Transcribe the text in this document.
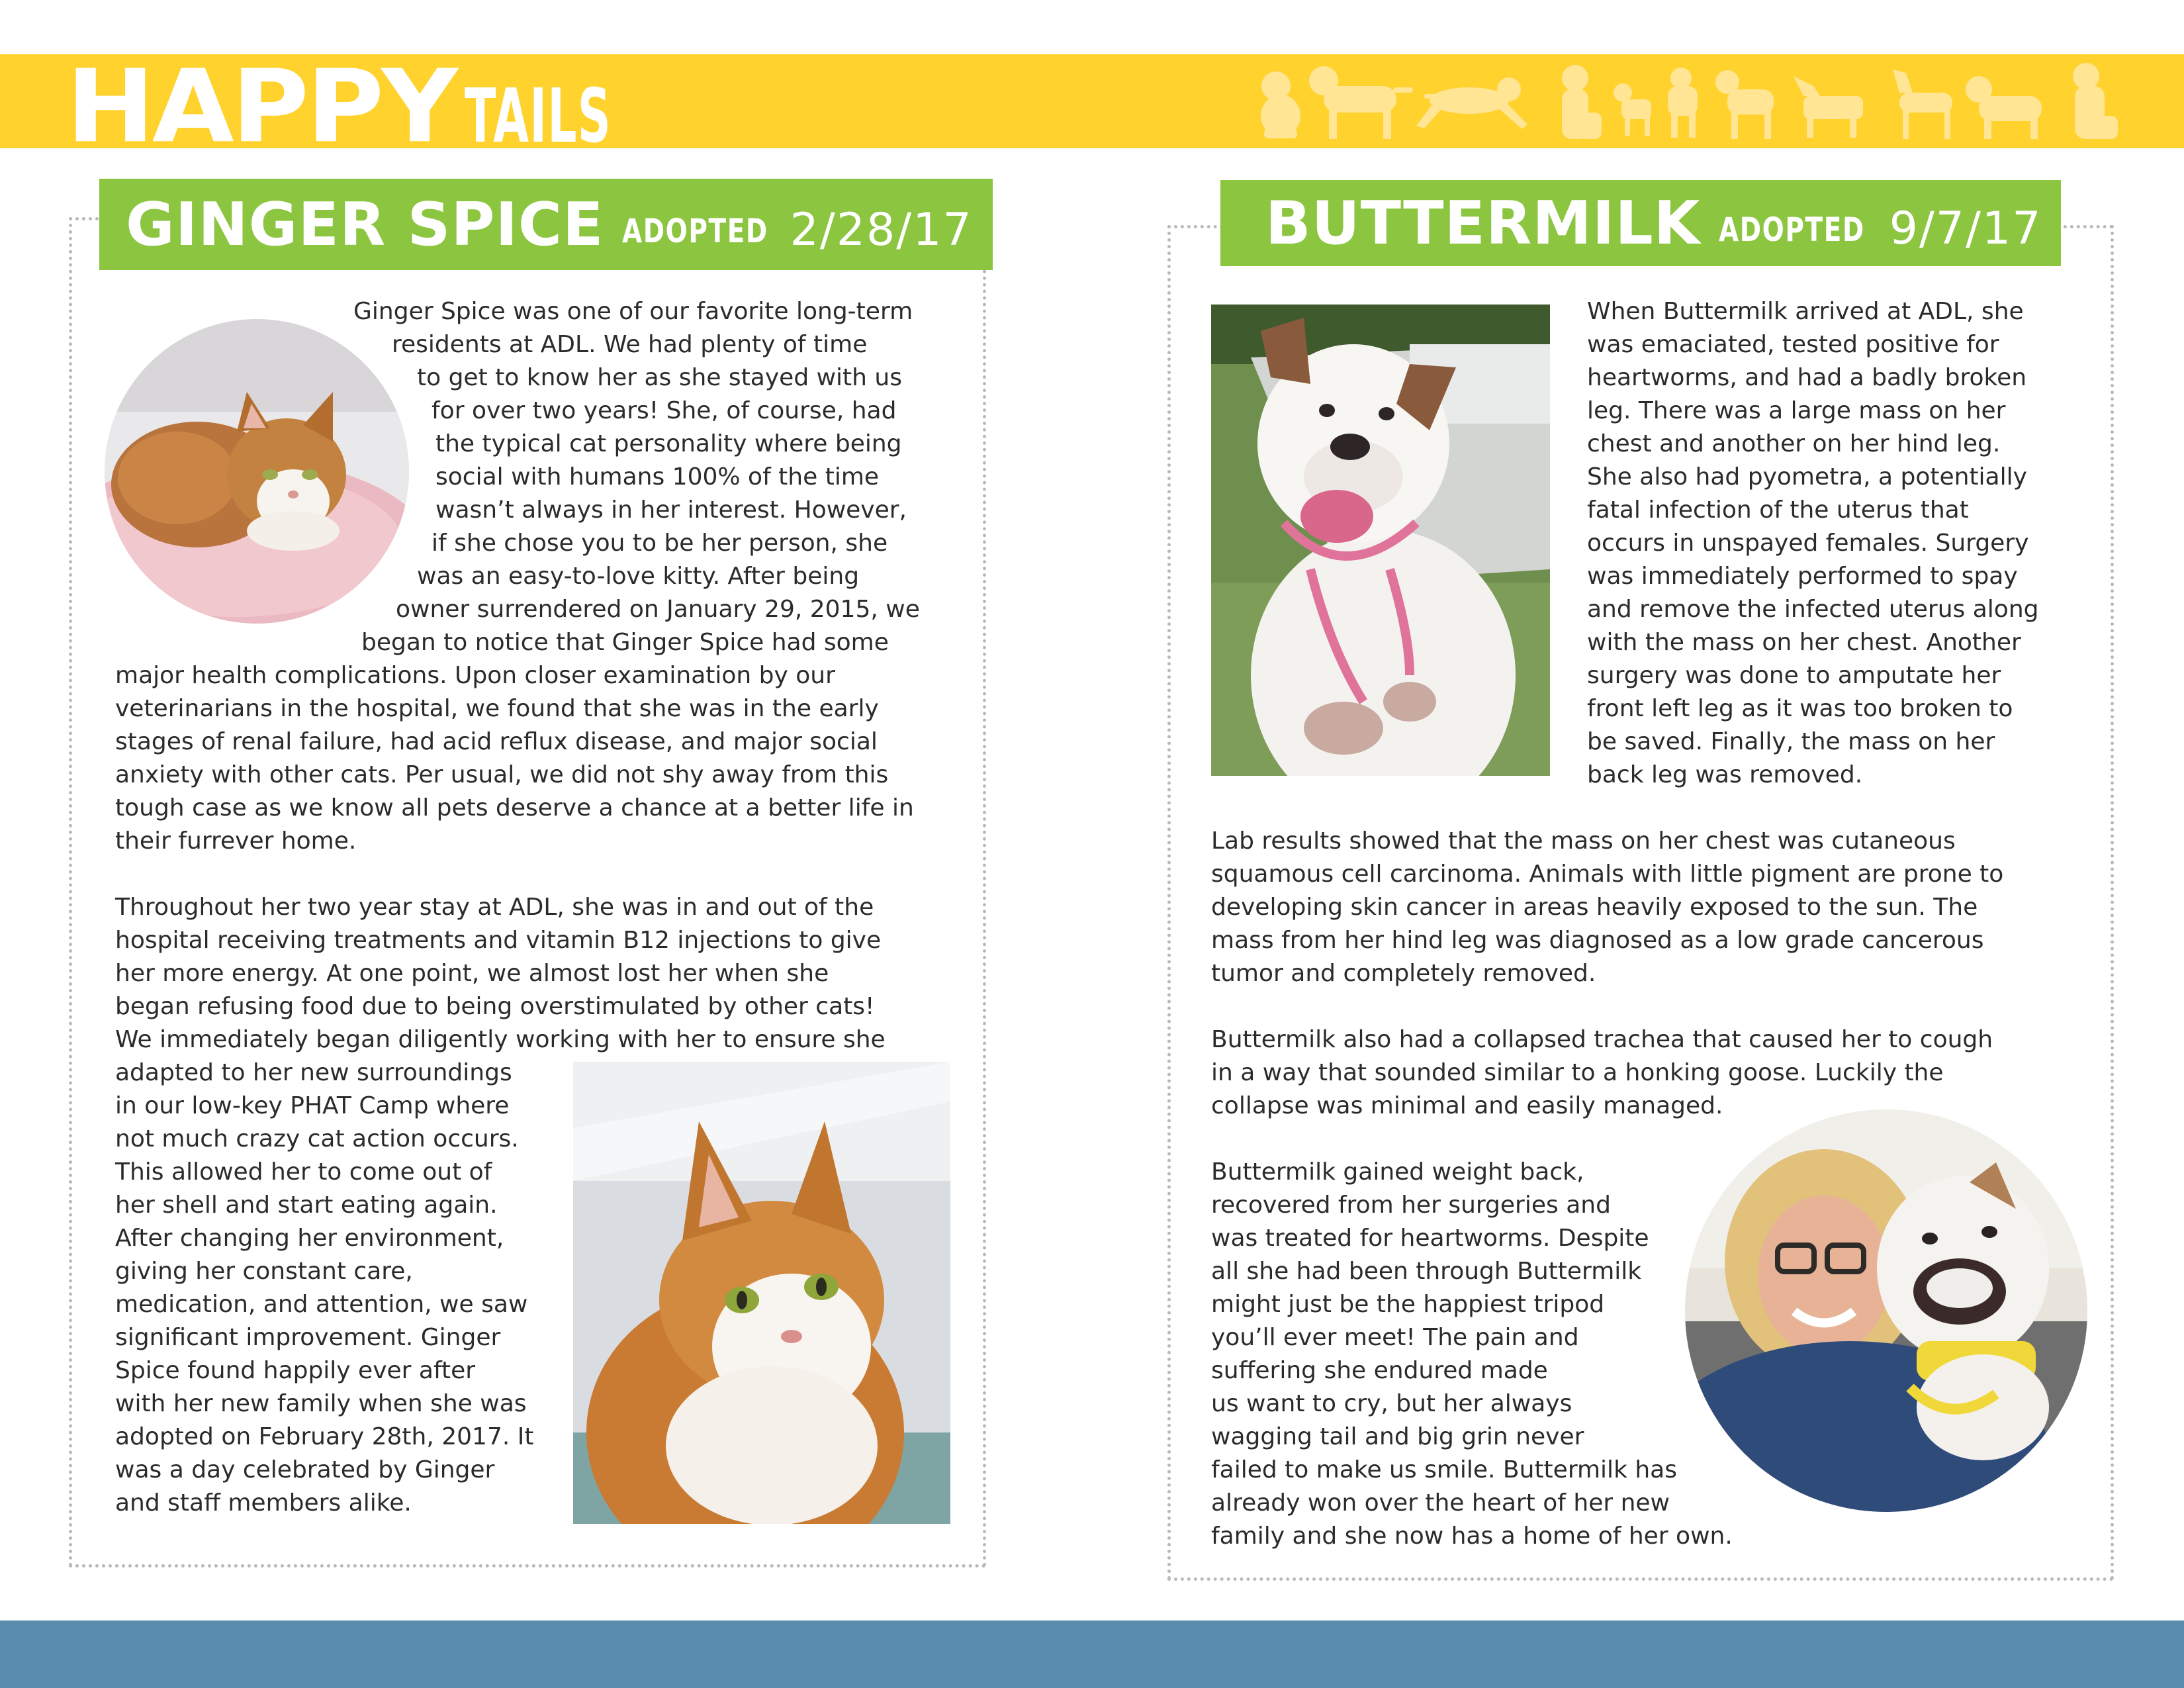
HAPPY TAILS
GINGER SPICE ADOPTED 2/28/17
Ginger Spice was one of our favorite long-term
residents at ADL. We had plenty of time
to get to know her as she stayed with us
for over two years! She, of course, had
the typical cat personality where being
social with humans 100% of the time
wasn’t always in her interest. However,
if she chose you to be her person, she
was an easy-to-love kitty. After being
owner surrendered on January 29, 2015, we
began to notice that Ginger Spice had some
major health complications. Upon closer examination by our
veterinarians in the hospital, we found that she was in the early
stages of renal failure, had acid reflux disease, and major social
anxiety with other cats. Per usual, we did not shy away from this
tough case as we know all pets deserve a chance at a better life in
their furrever home.
Throughout her two year stay at ADL, she was in and out of the
hospital receiving treatments and vitamin B12 injections to give
her more energy. At one point, we almost lost her when she
began refusing food due to being overstimulated by other cats!
We immediately began diligently working with her to ensure she
adapted to her new surroundings
in our low-key PHAT Camp where
not much crazy cat action occurs.
This allowed her to come out of
her shell and start eating again.
After changing her environment,
giving her constant care,
medication, and attention, we saw
significant improvement. Ginger
Spice found happily ever after
with her new family when she was
adopted on February 28th, 2017. It
was a day celebrated by Ginger
and staff members alike.
BUTTERMILK ADOPTED 9/7/17
When Buttermilk arrived at ADL, she
was emaciated, tested positive for
heartworms, and had a badly broken
leg. There was a large mass on her
chest and another on her hind leg.
She also had pyometra, a potentially
fatal infection of the uterus that
occurs in unspayed females. Surgery
was immediately performed to spay
and remove the infected uterus along
with the mass on her chest. Another
surgery was done to amputate her
front left leg as it was too broken to
be saved. Finally, the mass on her
back leg was removed.
Lab results showed that the mass on her chest was cutaneous
squamous cell carcinoma. Animals with little pigment are prone to
developing skin cancer in areas heavily exposed to the sun. The
mass from her hind leg was diagnosed as a low grade cancerous
tumor and completely removed.
Buttermilk also had a collapsed trachea that caused her to cough
in a way that sounded similar to a honking goose. Luckily the
collapse was minimal and easily managed.
Buttermilk gained weight back,
recovered from her surgeries and
was treated for heartworms. Despite
all she had been through Buttermilk
might just be the happiest tripod
you’ll ever meet! The pain and
suffering she endured made
us want to cry, but her always
wagging tail and big grin never
failed to make us smile. Buttermilk has
already won over the heart of her new
family and she now has a home of her own.
